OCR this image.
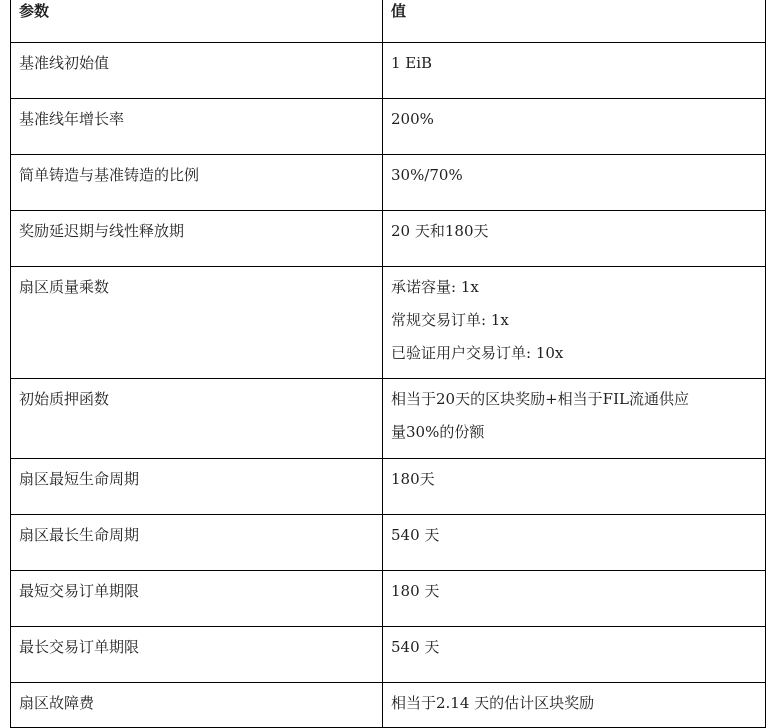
参数	值
基准线初始值	1 EiB

基准线年增长率	200%

简单铸造与基准铸造的比例	30%/70%

奖励延迟期与线性释放期	20 天和180天

扇区质量乘数	承诺容量: 1x
常规交易订单: 1x
已验证用户交易订单: 10x

初始质押函数	相当于20天的区块奖励+相当于FIL流通供应
量30%的份额

扇区最短生命周期	180天

扇区最长生命周期	540 天

最短交易订单期限	180 天

最长交易订单期限	540 天

扇区故障费	相当于2.14 天的估计区块奖励
